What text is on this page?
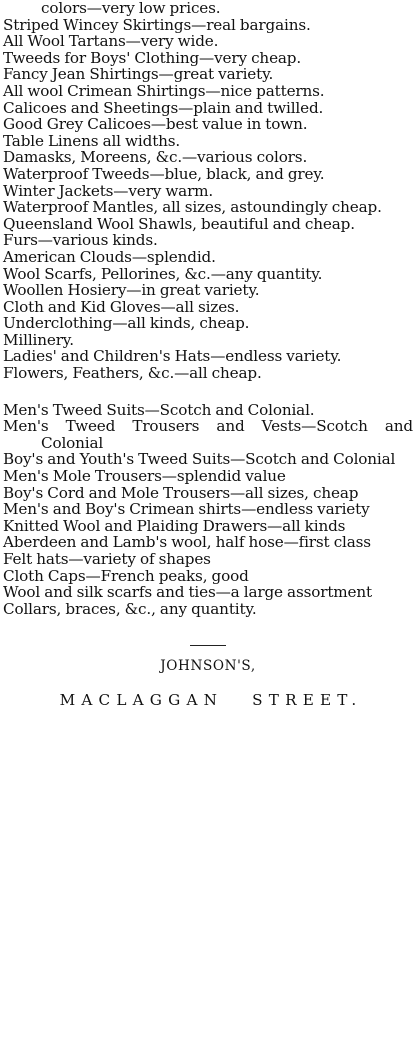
colors—very low prices.
Striped Wincey Skirtings—real bargains.
All Wool Tartans—very wide.
Tweeds for Boys' Clothing—very cheap.
Fancy Jean Shirtings—great variety.
All wool Crimean Shirtings—nice patterns.
Calicoes and Sheetings—plain and twilled.
Good Grey Calicoes—best value in town.
Table Linens all widths.
Damasks, Moreens, &c.—various colors.
Waterproof Tweeds—blue, black, and grey.
Winter Jackets—very warm.
Waterproof Mantles, all sizes, astoundingly cheap.
Queensland Wool Shawls, beautiful and cheap.
Furs—various kinds.
American Clouds—splendid.
Wool Scarfs, Pellorines, &c.—any quantity.
Woollen Hosiery—in great variety.
Cloth and Kid Gloves—all sizes.
Underclothing—all kinds, cheap.
Millinery.
Ladies' and Children's Hats—endless variety.
Flowers, Feathers, &c.—all cheap.
Men's Tweed Suits—Scotch and Colonial.
Men's Tweed Trousers and Vests—Scotch and Colonial
Boy's and Youth's Tweed Suits—Scotch and Colonial
Men's Mole Trousers—splendid value
Boy's Cord and Mole Trousers—all sizes, cheap
Men's and Boy's Crimean shirts—endless variety
Knitted Wool and Plaiding Drawers—all kinds
Aberdeen and Lamb's wool, half hose—first class
Felt hats—variety of shapes
Cloth Caps—French peaks, good
Wool and silk scarfs and ties—a large assortment
Collars, braces, &c., any quantity.
JOHNSON'S,
MACLAGGAN STREET.
